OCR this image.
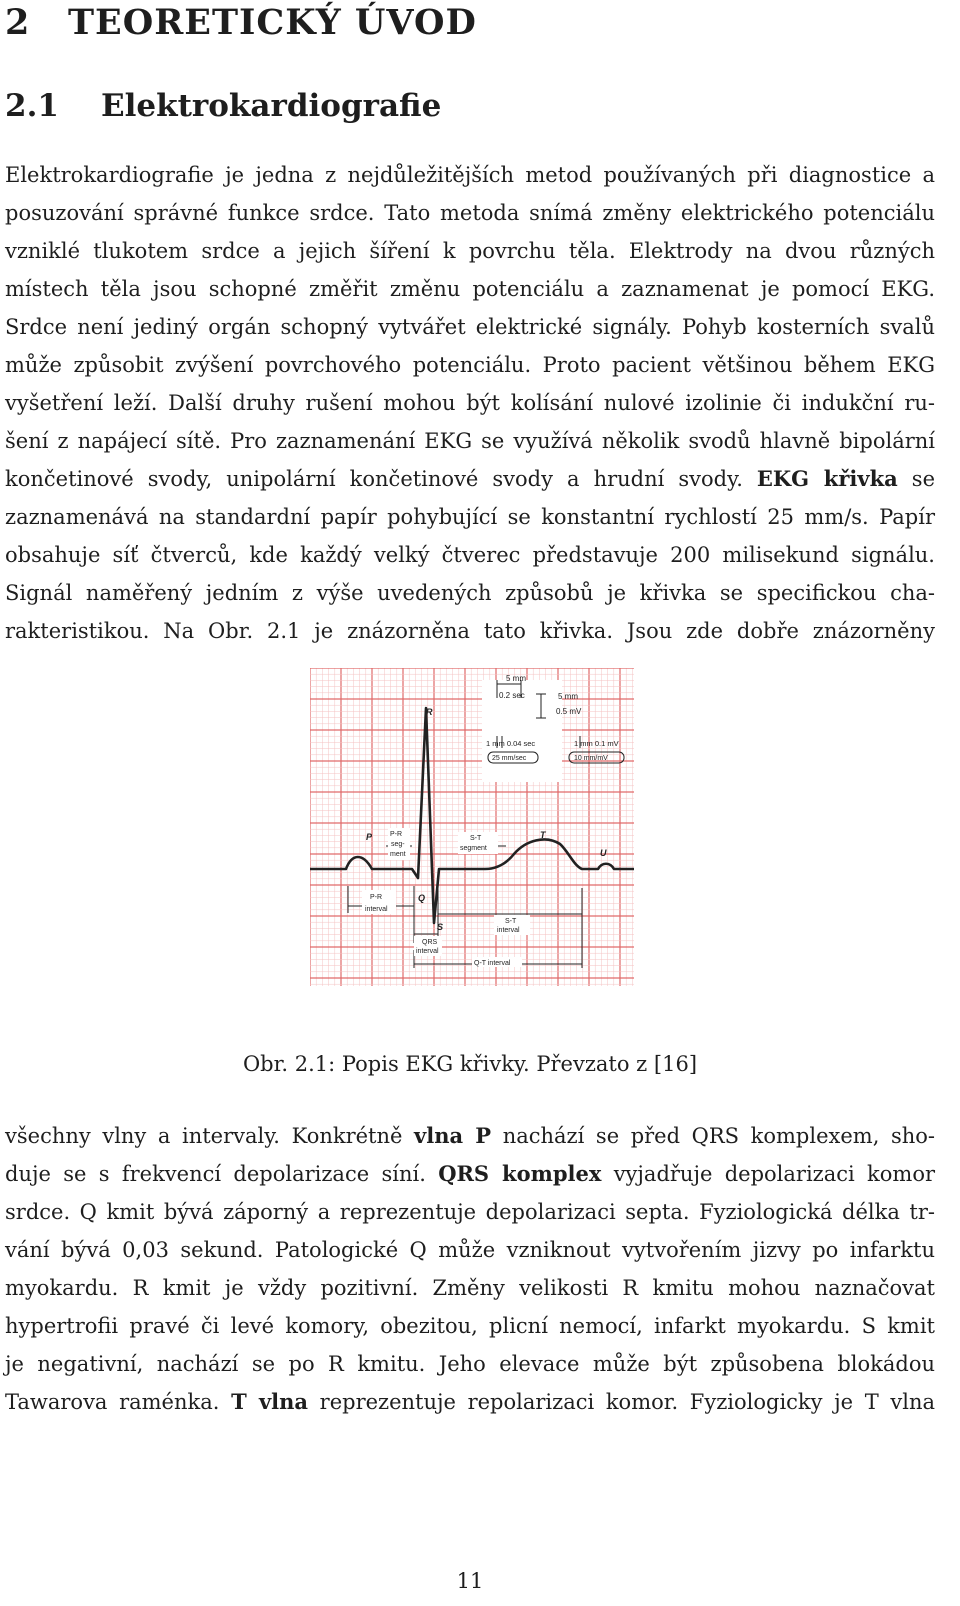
2 TEORETICKÝ ÚVOD
2.1 Elektrokardiografie
Elektrokardiografie je jedna z nejdůležitějších metod používaných při diagnostice a
posuzování správné funkce srdce. Tato metoda snímá změny elektrického potenciálu
vzniklé tlukotem srdce a jejich šíření k povrchu těla. Elektrody na dvou různých
místech těla jsou schopné změřit změnu potenciálu a zaznamenat je pomocí EKG.
Srdce není jediný orgán schopný vytvářet elektrické signály. Pohyb kosterních svalů
může způsobit zvýšení povrchového potenciálu. Proto pacient většinou během EKG
vyšetření leží. Další druhy rušení mohou být kolísání nulové izolinie či indukční ru-
šení z napájecí sítě. Pro zaznamenání EKG se využívá několik svodů hlavně bipolární
končetinové svody, unipolární končetinové svody a hrudní svody. EKG křivka se
zaznamenává na standardní papír pohybující se konstantní rychlostí 25 mm/s. Papír
obsahuje síť čtverců, kde každý velký čtverec představuje 200 milisekund signálu.
Signál naměřený jedním z výše uvedených způsobů je křivka se specifickou cha-
rakteristikou. Na Obr. 2.1 je znázorněna tato křivka. Jsou zde dobře znázorněny
5 mm
0.2 sec	5 mm
0.5 mV
1 mm 0.04 sec	1 mm 0.1 mV
25 mm/sec	10 mm/mV
R
P
Q
S
T
U
P-R
seg-
ment
S-T
segment
P-R
interval
S-T
interval
QRS
interval
Q-T interval
Obr. 2.1: Popis EKG křivky. Převzato z [16]
všechny vlny a intervaly. Konkrétně vlna P nachází se před QRS komplexem, sho-
duje se s frekvencí depolarizace síní. QRS komplex vyjadřuje depolarizaci komor
srdce. Q kmit bývá záporný a reprezentuje depolarizaci septa. Fyziologická délka tr-
vání bývá 0,03 sekund. Patologické Q může vzniknout vytvořením jizvy po infarktu
myokardu. R kmit je vždy pozitivní. Změny velikosti R kmitu mohou naznačovat
hypertrofii pravé či levé komory, obezitou, plicní nemocí, infarkt myokardu. S kmit
je negativní, nachází se po R kmitu. Jeho elevace může být způsobena blokádou
Tawarova raménka. T vlna reprezentuje repolarizaci komor. Fyziologicky je T vlna
11
